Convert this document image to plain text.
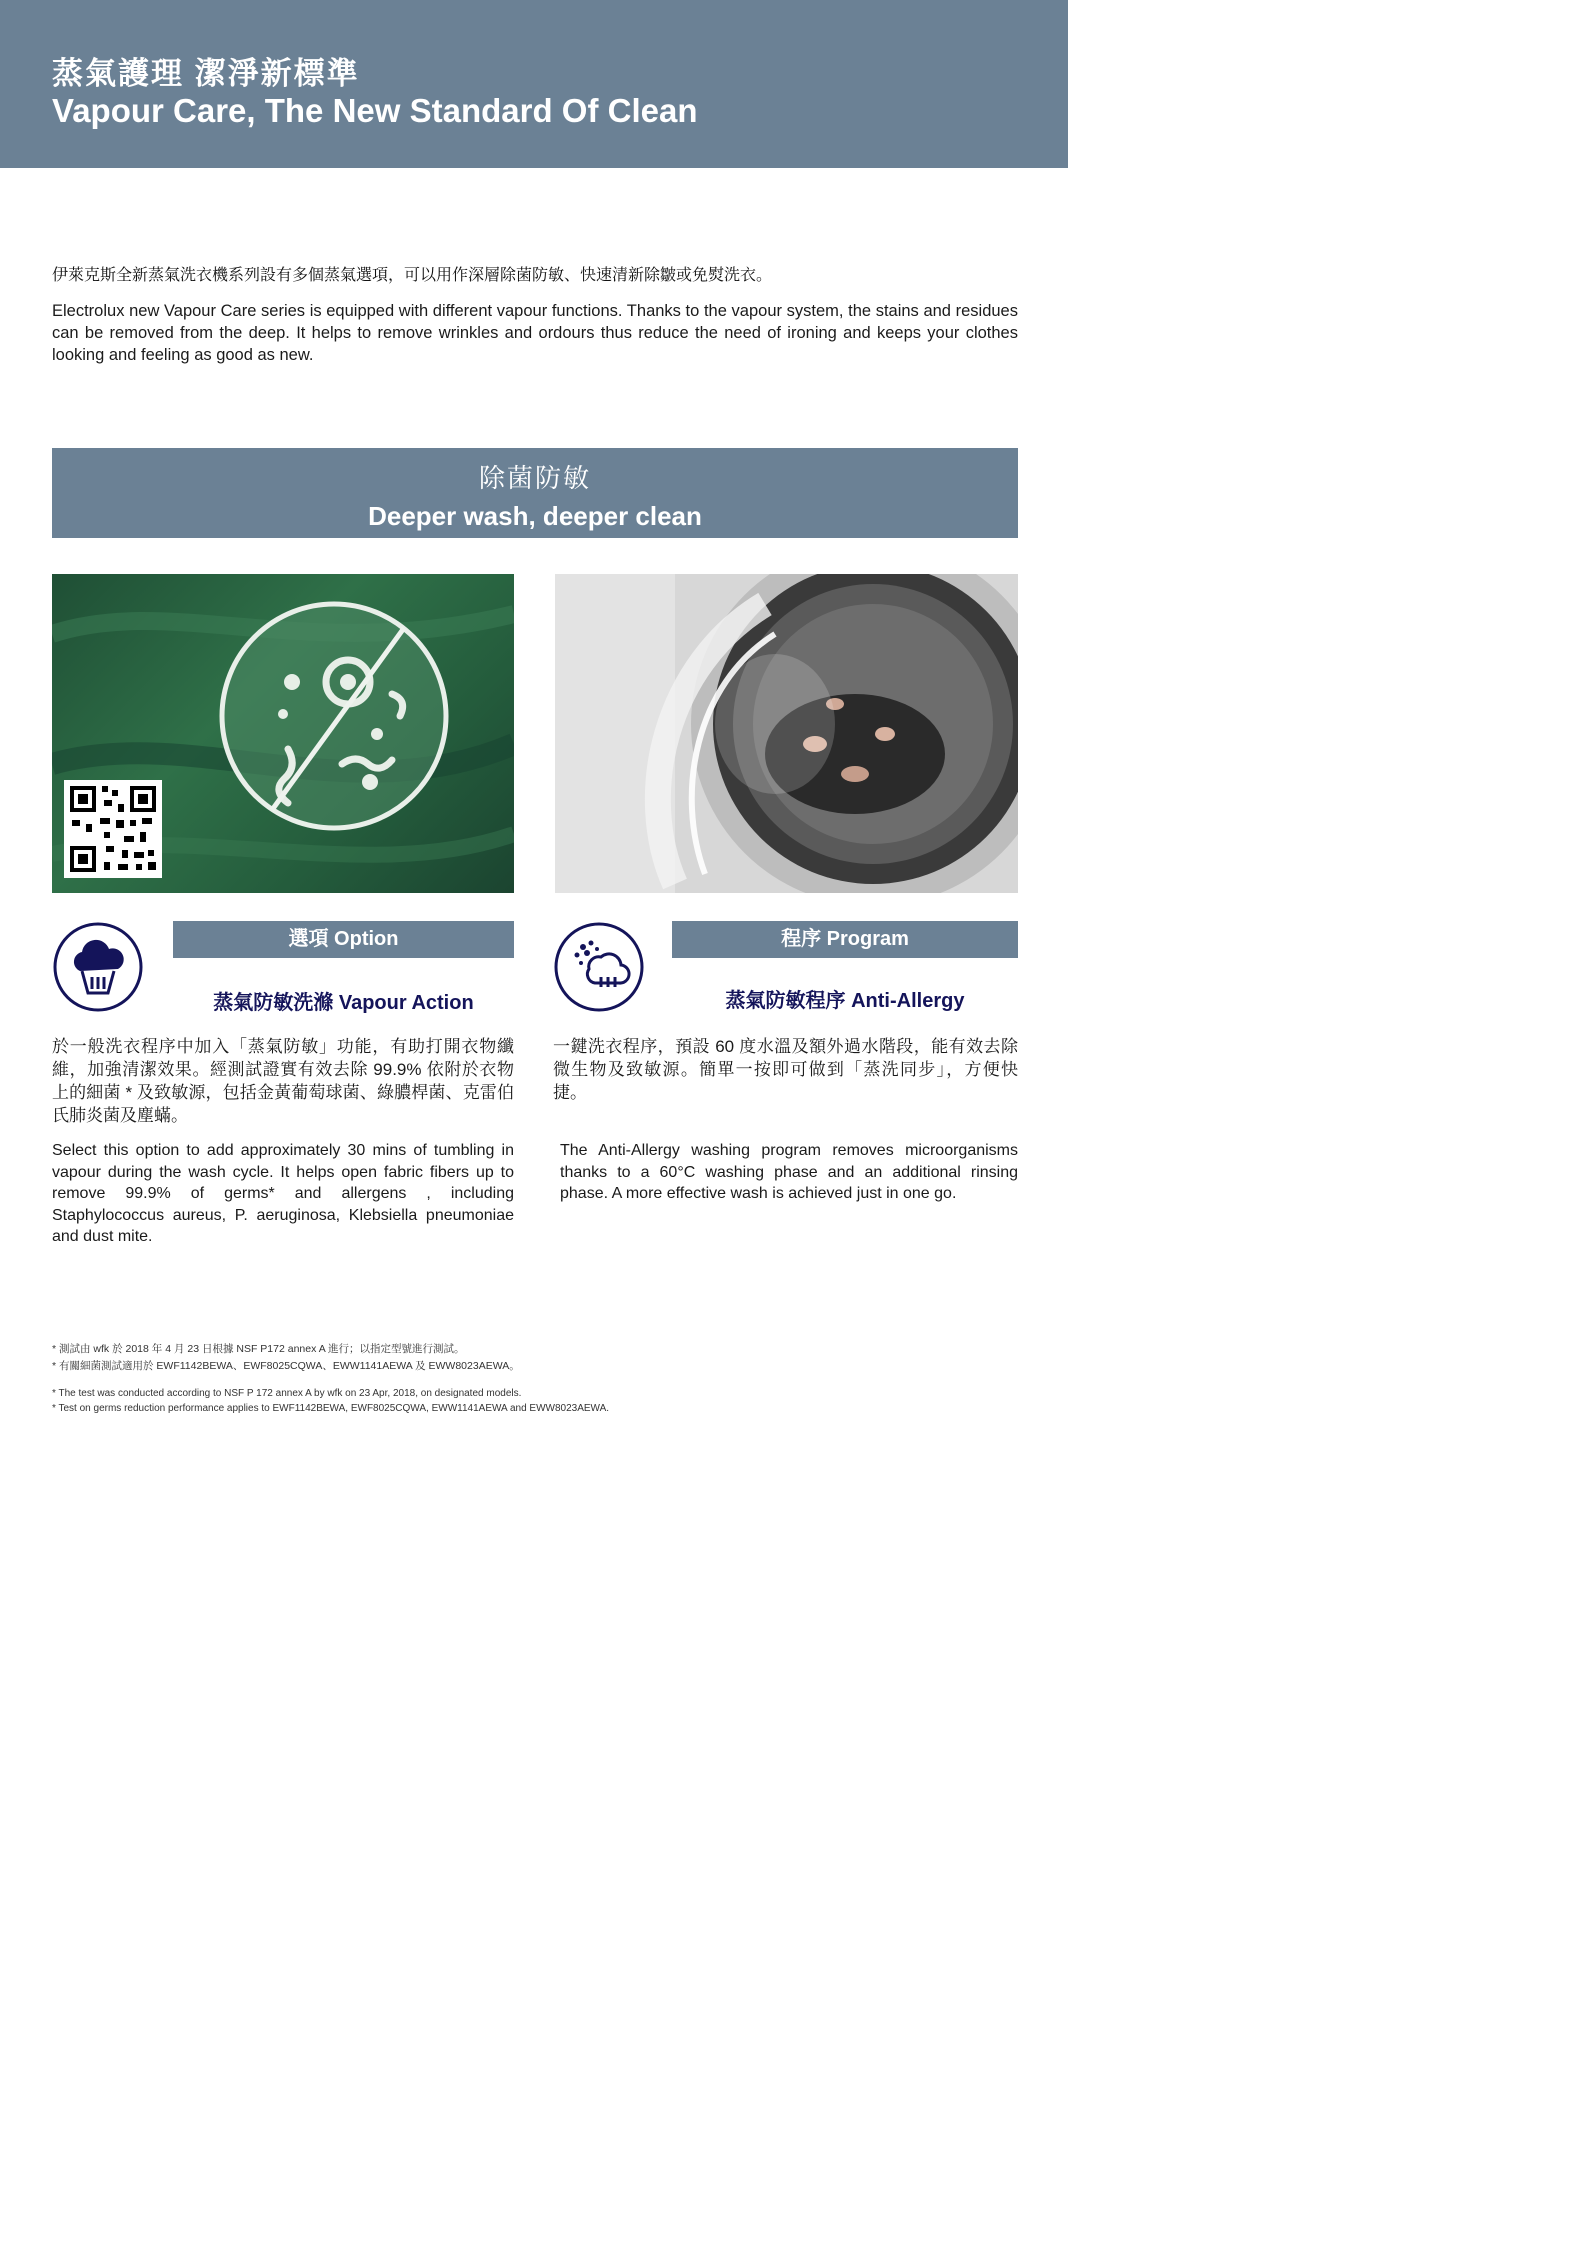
蒸氣護理 潔淨新標準
Vapour Care, The New Standard Of Clean
伊萊克斯全新蒸氣洗衣機系列設有多個蒸氣選項，可以用作深層除菌防敏、快速清新除皺或免熨洗衣。
Electrolux new Vapour Care series is equipped with different vapour functions. Thanks to the vapour system, the stains and residues can be removed from the deep. It helps to remove wrinkles and ordours thus reduce the need of ironing and keeps your clothes looking and feeling as good as new.
除菌防敏
Deeper wash, deeper clean
選項 Option
蒸氣防敏洗滌 Vapour Action
於一般洗衣程序中加入「蒸氣防敏」功能，有助打開衣物纖維，加強清潔效果。經測試證實有效去除 99.9% 依附於衣物上的細菌 * 及致敏源，包括金黃葡萄球菌、綠膿桿菌、克雷伯氏肺炎菌及塵蟎。
Select this option to add approximately 30 mins of tumbling in vapour during the wash cycle. It helps open fabric fibers up to remove 99.9% of germs* and allergens , including Staphylococcus aureus, P. aeruginosa, Klebsiella pneumoniae and dust mite.
程序 Program
蒸氣防敏程序 Anti-Allergy
一鍵洗衣程序，預設 60 度水溫及額外過水階段，能有效去除微生物及致敏源。簡單一按即可做到「蒸洗同步」，方便快捷。
The Anti-Allergy washing program removes microorganisms thanks to a 60°C washing phase and an additional rinsing phase. A more effective wash is achieved just in one go.
* 測試由 wfk 於 2018 年 4 月 23 日根據 NSF P172 annex A 進行；以指定型號進行測試。
* 有關細菌測試適用於 EWF1142BEWA、EWF8025CQWA、EWW1141AEWA 及 EWW8023AEWA。
* The test was conducted according to NSF P 172 annex A by wfk on 23 Apr, 2018, on designated models.
* Test on germs reduction performance applies to EWF1142BEWA, EWF8025CQWA, EWW1141AEWA and EWW8023AEWA.
